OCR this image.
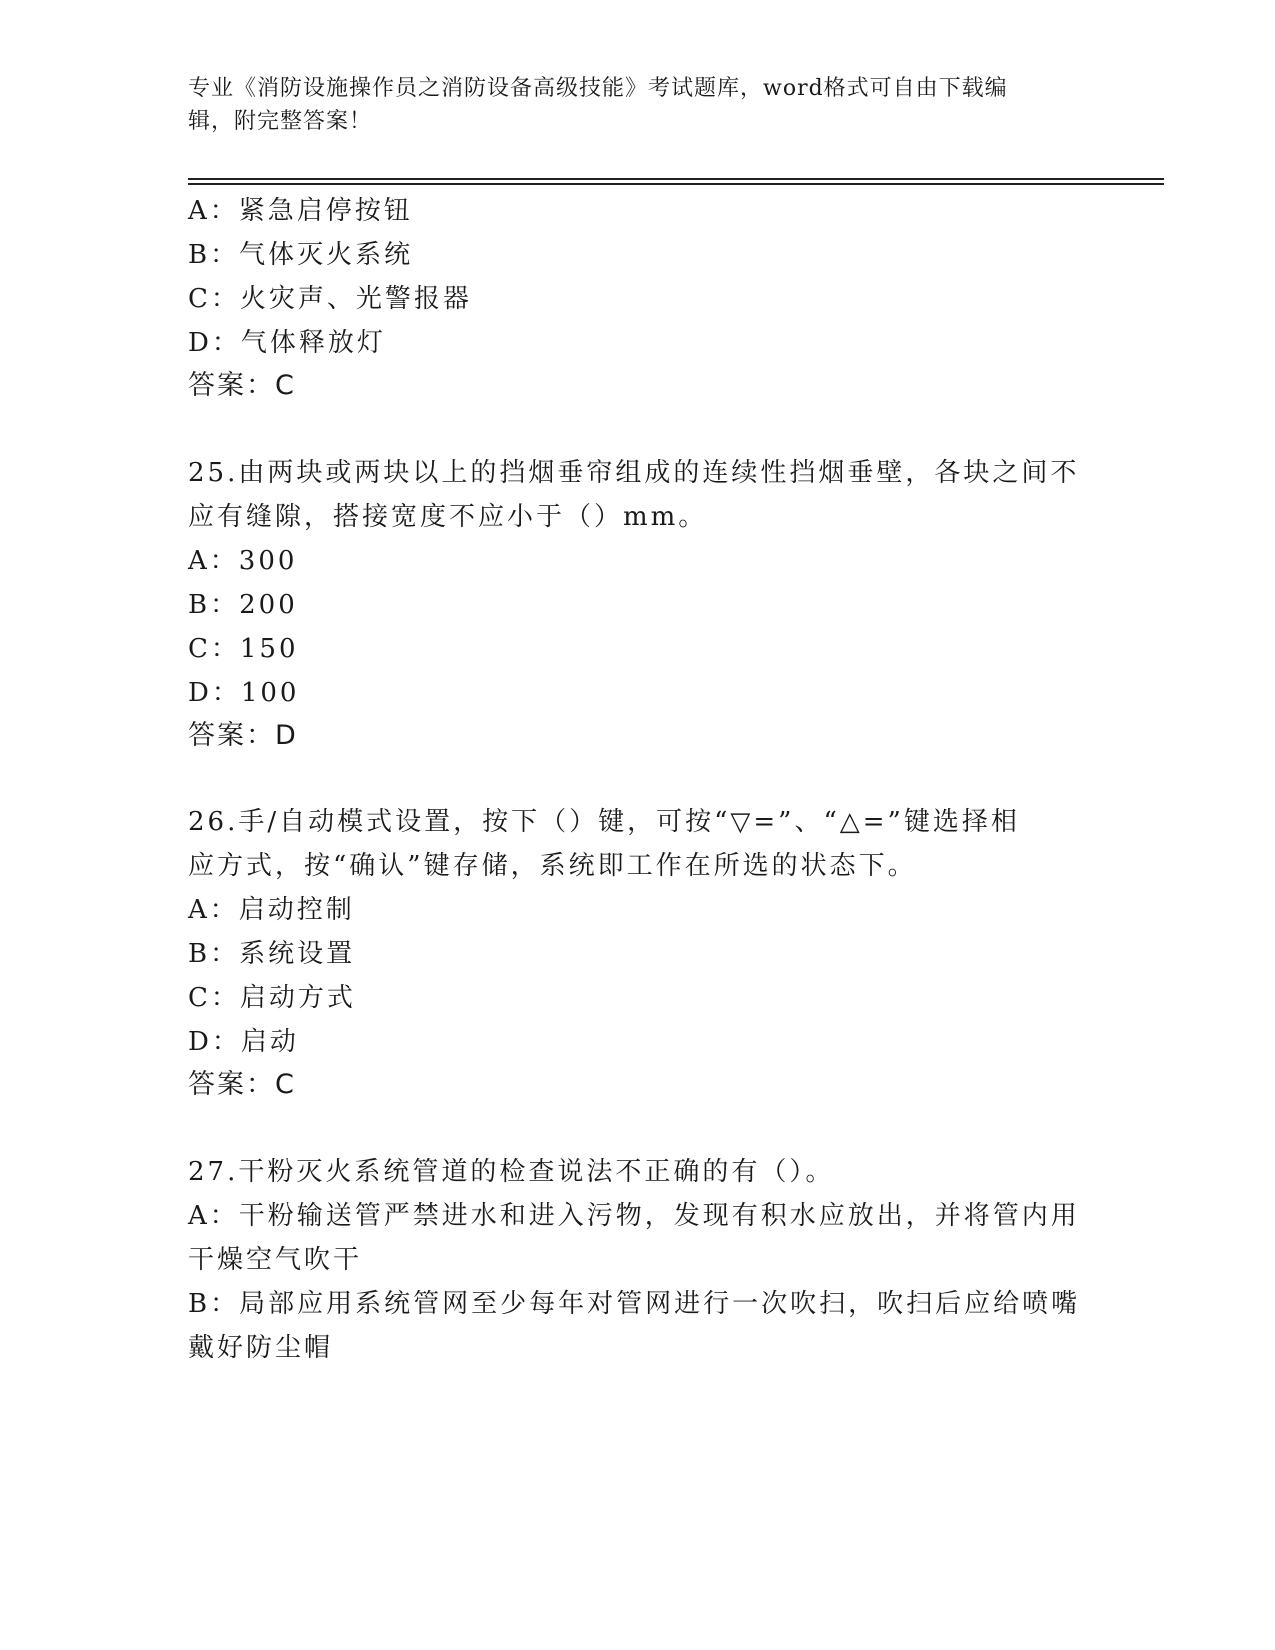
专业《消防设施操作员之消防设备高级技能》考试题库，word格式可自由下载编
辑，附完整答案！
A：紧急启停按钮
B：气体灭火系统
C：火灾声、光警报器
D：气体释放灯
答案：C
25.由两块或两块以上的挡烟垂帘组成的连续性挡烟垂壁，各块之间不
应有缝隙，搭接宽度不应小于（）mm。
A：300
B：200
C：150
D：100
答案：D
26.手/自动模式设置，按下（）键，可按“▽=”、“△=”键选择相
应方式，按“确认”键存储，系统即工作在所选的状态下。
A：启动控制
B：系统设置
C：启动方式
D：启动
答案：C
27.干粉灭火系统管道的检查说法不正确的有（）。
A：干粉输送管严禁进水和进入污物，发现有积水应放出，并将管内用
干燥空气吹干
B：局部应用系统管网至少每年对管网进行一次吹扫，吹扫后应给喷嘴
戴好防尘帽
